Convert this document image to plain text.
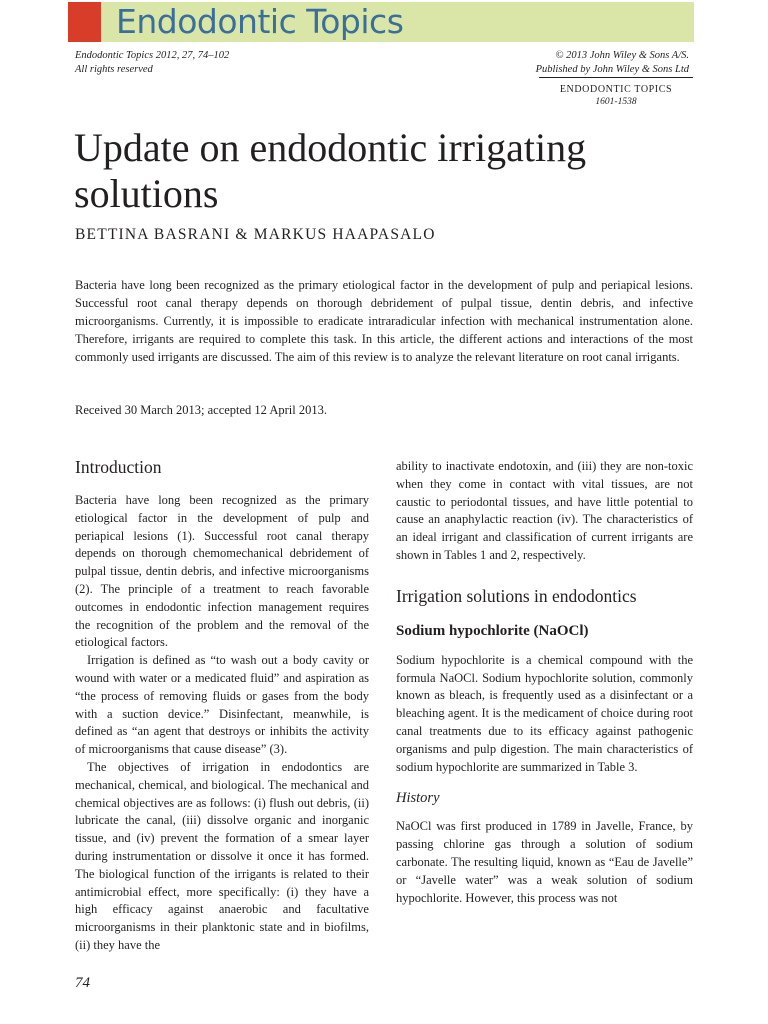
Endodontic Topics
Endodontic Topics 2012, 27, 74–102
All rights reserved
© 2013 John Wiley & Sons A/S.
Published by John Wiley & Sons Ltd
ENDODONTIC TOPICS
1601-1538
Update on endodontic irrigating solutions
BETTINA BASRANI & MARKUS HAAPASALO

Bacteria have long been recognized as the primary etiological factor in the development of pulp and periapical lesions. Successful root canal therapy depends on thorough debridement of pulpal tissue, dentin debris, and infective microorganisms. Currently, it is impossible to eradicate intraradicular infection with mechanical instrumentation alone. Therefore, irrigants are required to complete this task. In this article, the different actions and interactions of the most commonly used irrigants are discussed. The aim of this review is to analyze the relevant literature on root canal irrigants.

Received 30 March 2013; accepted 12 April 2013.

Introduction

Bacteria have long been recognized as the primary etiological factor in the development of pulp and periapical lesions (1). Successful root canal therapy depends on thorough chemomechanical debridement of pulpal tissue, dentin debris, and infective microorganisms (2). The principle of a treatment to reach favorable outcomes in endodontic infection management requires the recognition of the problem and the removal of the etiological factors.

Irrigation is defined as “to wash out a body cavity or wound with water or a medicated fluid” and aspiration as “the process of removing fluids or gases from the body with a suction device.” Disinfectant, meanwhile, is defined as “an agent that destroys or inhibits the activity of microorganisms that cause disease” (3).

The objectives of irrigation in endodontics are mechanical, chemical, and biological. The mechanical and chemical objectives are as follows: (i) flush out debris, (ii) lubricate the canal, (iii) dissolve organic and inorganic tissue, and (iv) prevent the formation of a smear layer during instrumentation or dissolve it once it has formed. The biological function of the irrigants is related to their antimicrobial effect, more specifically: (i) they have a high efficacy against anaerobic and facultative microorganisms in their planktonic state and in biofilms, (ii) they have the

ability to inactivate endotoxin, and (iii) they are non-toxic when they come in contact with vital tissues, are not caustic to periodontal tissues, and have little potential to cause an anaphylactic reaction (iv). The characteristics of an ideal irrigant and classification of current irrigants are shown in Tables 1 and 2, respectively.

Irrigation solutions in endodontics
Sodium hypochlorite (NaOCl)

Sodium hypochlorite is a chemical compound with the formula NaOCl. Sodium hypochlorite solution, commonly known as bleach, is frequently used as a disinfectant or a bleaching agent. It is the medicament of choice during root canal treatments due to its efficacy against pathogenic organisms and pulp digestion. The main characteristics of sodium hypochlorite are summarized in Table 3.

History

NaOCl was first produced in 1789 in Javelle, France, by passing chlorine gas through a solution of sodium carbonate. The resulting liquid, known as “Eau de Javelle” or “Javelle water” was a weak solution of sodium hypochlorite. However, this process was not

74
